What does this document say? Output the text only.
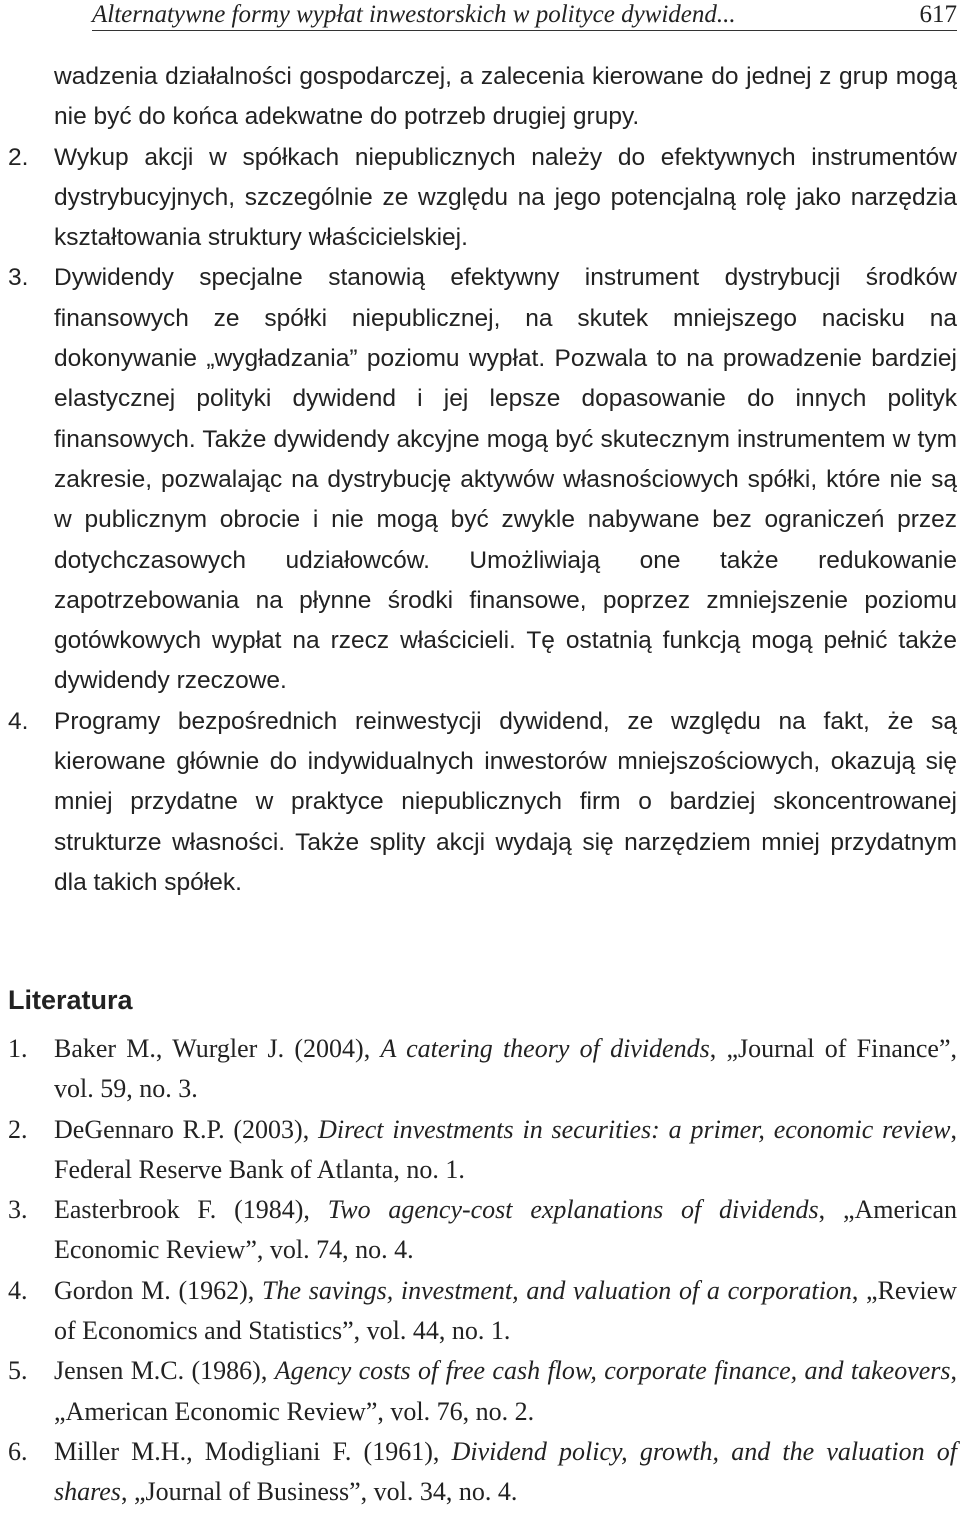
Alternatywne formy wypłat inwestorskich w polityce dywidend...	617
wadzenia działalności gospodarczej, a zalecenia kierowane do jednej z grup mogą nie być do końca adekwatne do potrzeb drugiej grupy.
2. Wykup akcji w spółkach niepublicznych należy do efektywnych instrumentów dystrybucyjnych, szczególnie ze względu na jego potencjalną rolę jako narzędzia kształtowania struktury właścicielskiej.
3. Dywidendy specjalne stanowią efektywny instrument dystrybucji środków finansowych ze spółki niepublicznej, na skutek mniejszego nacisku na dokonywanie „wygładzania” poziomu wypłat. Pozwala to na prowadzenie bardziej elastycznej polityki dywidend i jej lepsze dopasowanie do innych polityk finansowych. Także dywidendy akcyjne mogą być skutecznym instrumentem w tym zakresie, pozwalając na dystrybucję aktywów własnościowych spółki, które nie są w publicznym obrocie i nie mogą być zwykle nabywane bez ograniczeń przez dotychczasowych udziałowców. Umożliwiają one także redukowanie zapotrzebowania na płynne środki finansowe, poprzez zmniejszenie poziomu gotówkowych wypłat na rzecz właścicieli. Tę ostatnią funkcją mogą pełnić także dywidendy rzeczowe.
4. Programy bezpośrednich reinwestycji dywidend, ze względu na fakt, że są kierowane głównie do indywidualnych inwestorów mniejszościowych, okazują się mniej przydatne w praktyce niepublicznych firm o bardziej skoncentrowanej strukturze własności. Także splity akcji wydają się narzędziem mniej przydatnym dla takich spółek.
Literatura
1. Baker M., Wurgler J. (2004), A catering theory of dividends, „Journal of Finance”, vol. 59, no. 3.
2. DeGennaro R.P. (2003), Direct investments in securities: a primer, economic review, Federal Reserve Bank of Atlanta, no. 1.
3. Easterbrook F. (1984), Two agency-cost explanations of dividends, „American Economic Review”, vol. 74, no. 4.
4. Gordon M. (1962), The savings, investment, and valuation of a corporation, „Review of Economics and Statistics”, vol. 44, no. 1.
5. Jensen M.C. (1986), Agency costs of free cash flow, corporate finance, and takeovers, „American Economic Review”, vol. 76, no. 2.
6. Miller M.H., Modigliani F. (1961), Dividend policy, growth, and the valuation of shares, „Journal of Business”, vol. 34, no. 4.
